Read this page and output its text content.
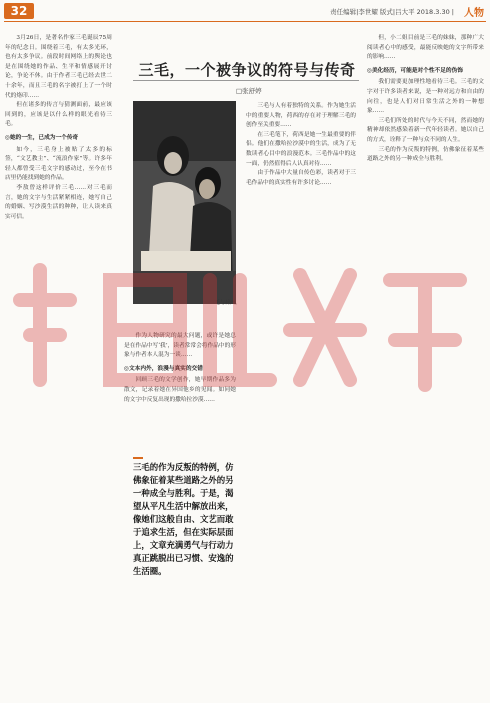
32	责任编辑|李世耀 版式|吕大平 2018.3.30 | 人物

3月26日，是著名作家三毛诞辰75周年的纪念日。围绕着三毛，有太多光环，也有太多争议。前段时间网络上的舆论也是在围绕她的作品、生平和情感展开讨论，争论不休。由于作者三毛已经去世二十余年，而且三毛的名字被打上了一个时代的烙印……

但在诸多的传言与猜测面前，最应该回到的，应该是以什么样的眼光看待三毛。

◎她的一生，已成为一个传奇

如今，三毛身上被贴了太多的标签，“文艺教主”、“流浪作家”等。许多年轻人都曾受三毛文字的感动过，至今在书店里仍能找到她的作品。

李敖曾这样评价三毛……对三毛而言，她的文字与生活紧紧相连，她写自己的婚姻、写沙漠生活的种种，让人读来真实可信。

三毛，一个被争议的符号与传奇
□张舒婷
三毛与荷西。

作为人物研究的最大问题，或许是她总是在作品中写‘我’，读者常常会将作品中的形象与作者本人混为一谈……

◎文本内外，浪漫与真实的交错

回顾三毛的文学创作，她早期作品多为散文，记录着她在异国他乡的见闻。如同她的文字中反复出现的撒哈拉沙漠……

三毛的作为反叛的特例，仿佛象征着某些道路之外的另一种成全与胜利。于是，渴望从平凡生活中解放出来，像她们这般自由、文艺而敢于追求生活，但在实际层面上，文章充满勇气与行动力真正跳脱出已习惯、安逸的生活圈。

三毛与人有着独特的关系。作为她生活中的重要人物，荷西的存在对于理解三毛的创作至关重要……

在三毛笔下，荷西是她一生最重要的伴侣。他们在撒哈拉沙漠中的生活，成为了无数读者心目中的浪漫范本。三毛作品中的这一面，仍然值得后人认真对待……

由于作品中大量自传色彩，读者对于三毛作品中的真实性有许多讨论……

但，小二姐目前是三毛的妹妹，那种广大阅读者心中的感受，最能反映她的文字所带来的影响……

◎美化经历，可能是对个性不足的伪饰

我们需要更加理性地看待三毛。三毛的文字对于许多读者来说，是一种对远方和自由的向往，也是人们对日常生活之外的一种想象……

三毛们所处的时代与今天不同，然而她的精神却依然感染着新一代年轻读者。她以自己的方式，诠释了一种与众不同的人生。

三毛的作为反叛的特例，仿佛象征着某些道路之外的另一种成全与胜利。
